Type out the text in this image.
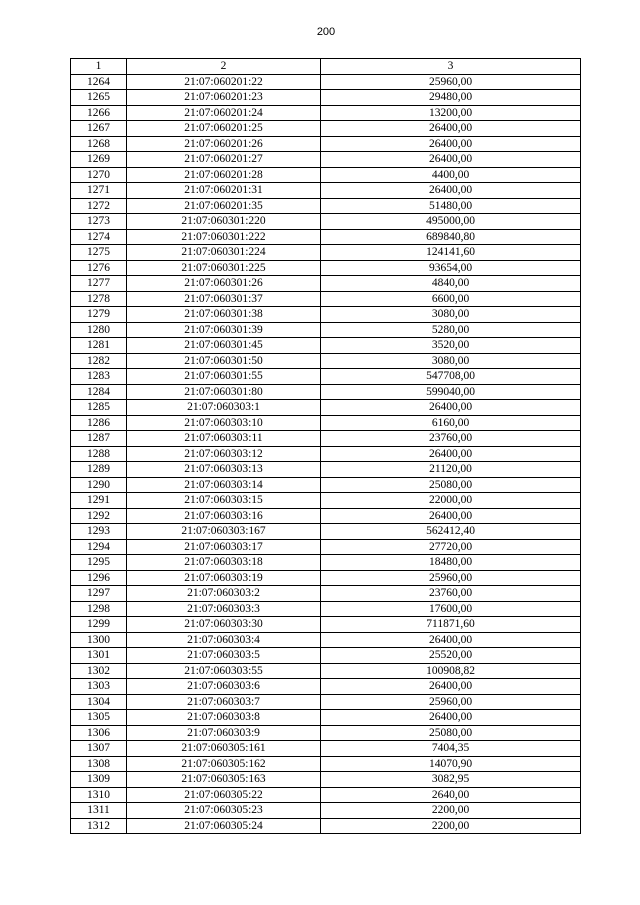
200
1	2	3
1264	21:07:060201:22	25960,00
1265	21:07:060201:23	29480,00
1266	21:07:060201:24	13200,00
1267	21:07:060201:25	26400,00
1268	21:07:060201:26	26400,00
1269	21:07:060201:27	26400,00
1270	21:07:060201:28	4400,00
1271	21:07:060201:31	26400,00
1272	21:07:060201:35	51480,00
1273	21:07:060301:220	495000,00
1274	21:07:060301:222	689840,80
1275	21:07:060301:224	124141,60
1276	21:07:060301:225	93654,00
1277	21:07:060301:26	4840,00
1278	21:07:060301:37	6600,00
1279	21:07:060301:38	3080,00
1280	21:07:060301:39	5280,00
1281	21:07:060301:45	3520,00
1282	21:07:060301:50	3080,00
1283	21:07:060301:55	547708,00
1284	21:07:060301:80	599040,00
1285	21:07:060303:1	26400,00
1286	21:07:060303:10	6160,00
1287	21:07:060303:11	23760,00
1288	21:07:060303:12	26400,00
1289	21:07:060303:13	21120,00
1290	21:07:060303:14	25080,00
1291	21:07:060303:15	22000,00
1292	21:07:060303:16	26400,00
1293	21:07:060303:167	562412,40
1294	21:07:060303:17	27720,00
1295	21:07:060303:18	18480,00
1296	21:07:060303:19	25960,00
1297	21:07:060303:2	23760,00
1298	21:07:060303:3	17600,00
1299	21:07:060303:30	711871,60
1300	21:07:060303:4	26400,00
1301	21:07:060303:5	25520,00
1302	21:07:060303:55	100908,82
1303	21:07:060303:6	26400,00
1304	21:07:060303:7	25960,00
1305	21:07:060303:8	26400,00
1306	21:07:060303:9	25080,00
1307	21:07:060305:161	7404,35
1308	21:07:060305:162	14070,90
1309	21:07:060305:163	3082,95
1310	21:07:060305:22	2640,00
1311	21:07:060305:23	2200,00
1312	21:07:060305:24	2200,00
